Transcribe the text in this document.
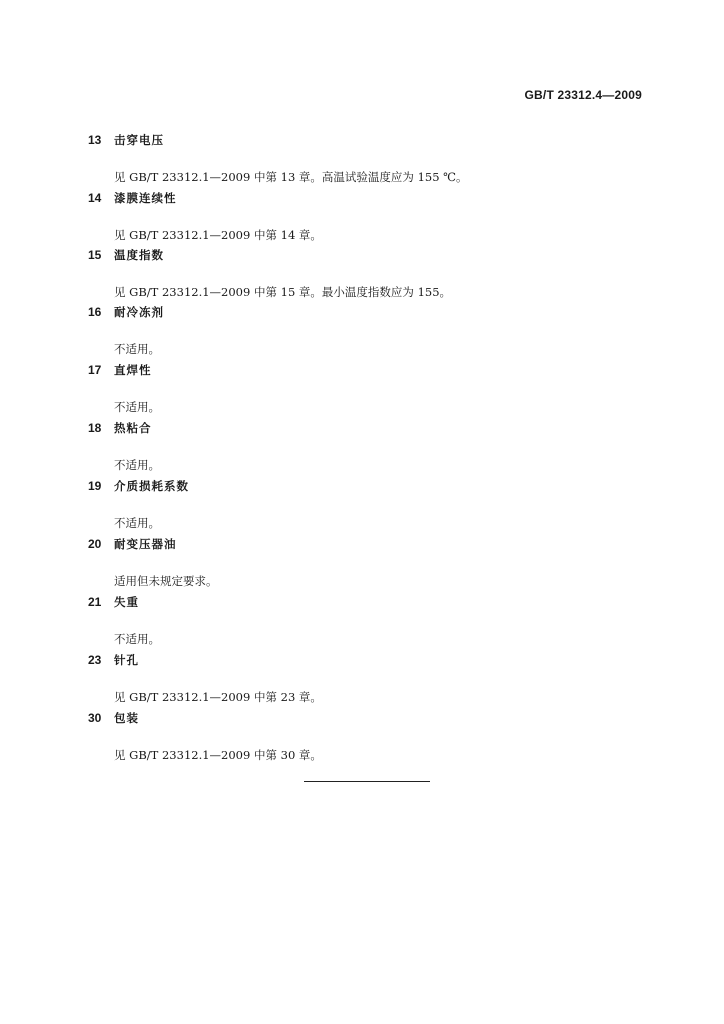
GB/T 23312.4—2009
13 击穿电压
见 GB/T 23312.1—2009 中第 13 章。高温试验温度应为 155 ℃。
14 漆膜连续性
见 GB/T 23312.1—2009 中第 14 章。
15 温度指数
见 GB/T 23312.1—2009 中第 15 章。最小温度指数应为 155。
16 耐冷冻剂
不适用。
17 直焊性
不适用。
18 热粘合
不适用。
19 介质损耗系数
不适用。
20 耐变压器油
适用但未规定要求。
21 失重
不适用。
23 针孔
见 GB/T 23312.1—2009 中第 23 章。
30 包装
见 GB/T 23312.1—2009 中第 30 章。
